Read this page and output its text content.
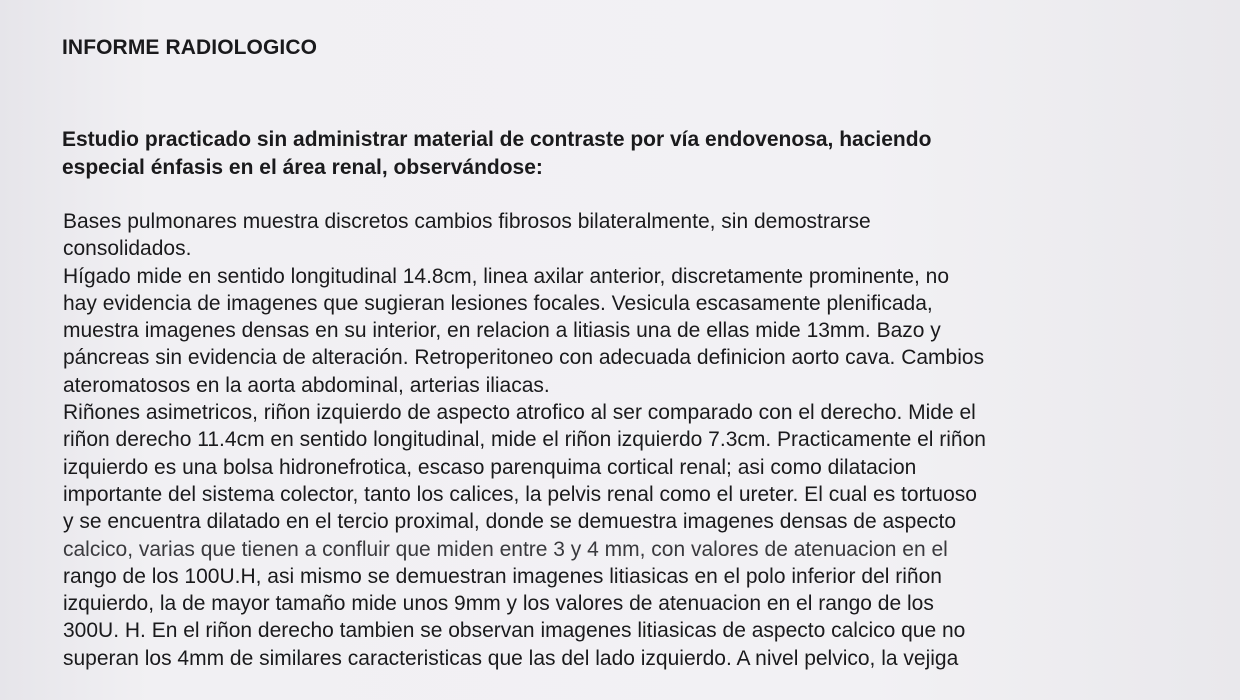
INFORME RADIOLOGICO
Estudio practicado sin administrar material de contraste por vía endovenosa, haciendo
especial énfasis en el área renal, observándose:
Bases pulmonares muestra discretos cambios fibrosos bilateralmente, sin demostrarse
consolidados.
Hígado mide en sentido longitudinal 14.8cm, linea axilar anterior, discretamente prominente, no
hay evidencia de imagenes que sugieran lesiones focales. Vesicula escasamente plenificada,
muestra imagenes densas en su interior, en relacion a litiasis una de ellas mide 13mm. Bazo y
páncreas sin evidencia de alteración. Retroperitoneo con adecuada definicion aorto cava. Cambios
ateromatosos en la aorta abdominal, arterias iliacas.
Riñones asimetricos, riñon izquierdo de aspecto atrofico al ser comparado con el derecho. Mide el
riñon derecho 11.4cm en sentido longitudinal, mide el riñon izquierdo 7.3cm. Practicamente el riñon
izquierdo es una bolsa hidronefrotica, escaso parenquima cortical renal; asi como dilatacion
importante del sistema colector, tanto los calices, la pelvis renal como el ureter. El cual es tortuoso
y se encuentra dilatado en el tercio proximal, donde se demuestra imagenes densas de aspecto
calcico, varias que tienen a confluir que miden entre 3 y 4 mm, con valores de atenuacion en el
rango de los 100U.H, asi mismo se demuestran imagenes litiasicas en el polo inferior del riñon
izquierdo, la de mayor tamaño mide unos 9mm y los valores de atenuacion en el rango de los
300U. H. En el riñon derecho tambien se observan imagenes litiasicas de aspecto calcico que no
superan los 4mm de similares caracteristicas que las del lado izquierdo. A nivel pelvico, la vejiga
